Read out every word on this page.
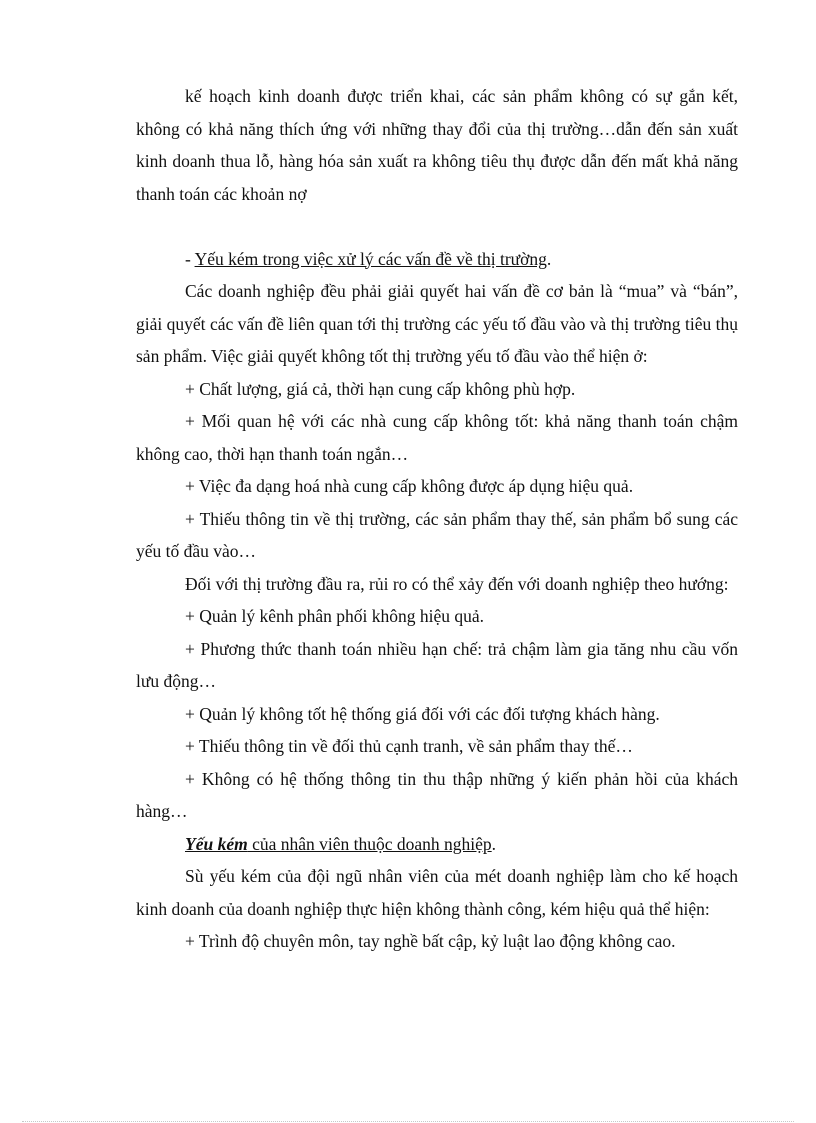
kế hoạch kinh doanh được triển khai, các sản phẩm không có sự gắn kết, không có khả năng thích ứng với những thay đổi của thị trường…dẫn đến sản xuất kinh doanh thua lỗ, hàng hóa sản xuất ra không tiêu thụ được dẫn đến mất khả năng thanh toán các khoản nợ

- Yếu kém trong việc xử lý các vấn đề về thị trường.

Các doanh nghiệp đều phải giải quyết hai vấn đề cơ bản là “mua” và “bán”, giải quyết các vấn đề liên quan tới thị trường các yếu tố đầu vào và thị trường tiêu thụ sản phẩm. Việc giải quyết không tốt thị trường yếu tố đầu vào thể hiện ở:

+ Chất lượng, giá cả, thời hạn cung cấp không phù hợp.

+ Mối quan hệ với các nhà cung cấp không tốt: khả năng thanh toán chậm không cao, thời hạn thanh toán ngắn…

+ Việc đa dạng hoá nhà cung cấp không được áp dụng hiệu quả.

+ Thiếu thông tin về thị trường, các sản phẩm thay thế, sản phẩm bổ sung các yếu tố đầu vào…

Đối với thị trường đầu ra, rủi ro có thể xảy đến với doanh nghiệp theo hướng:

+ Quản lý kênh phân phối không hiệu quả.

+ Phương thức thanh toán nhiều hạn chế: trả chậm làm gia tăng nhu cầu vốn lưu động…

+ Quản lý không tốt hệ thống giá đối với các đối tượng khách hàng.

+ Thiếu thông tin về đối thủ cạnh tranh, về sản phẩm thay thế…

+ Không có hệ thống thông tin thu thập những ý kiến phản hồi của khách hàng…

Yếu kém của nhân viên thuộc doanh nghiệp.

Sù yếu kém của đội ngũ nhân viên của mét doanh nghiệp làm cho kế hoạch kinh doanh của doanh nghiệp thực hiện không thành công, kém hiệu quả thể hiện:

+ Trình độ chuyên môn, tay nghề bất cập, kỷ luật lao động không cao.
